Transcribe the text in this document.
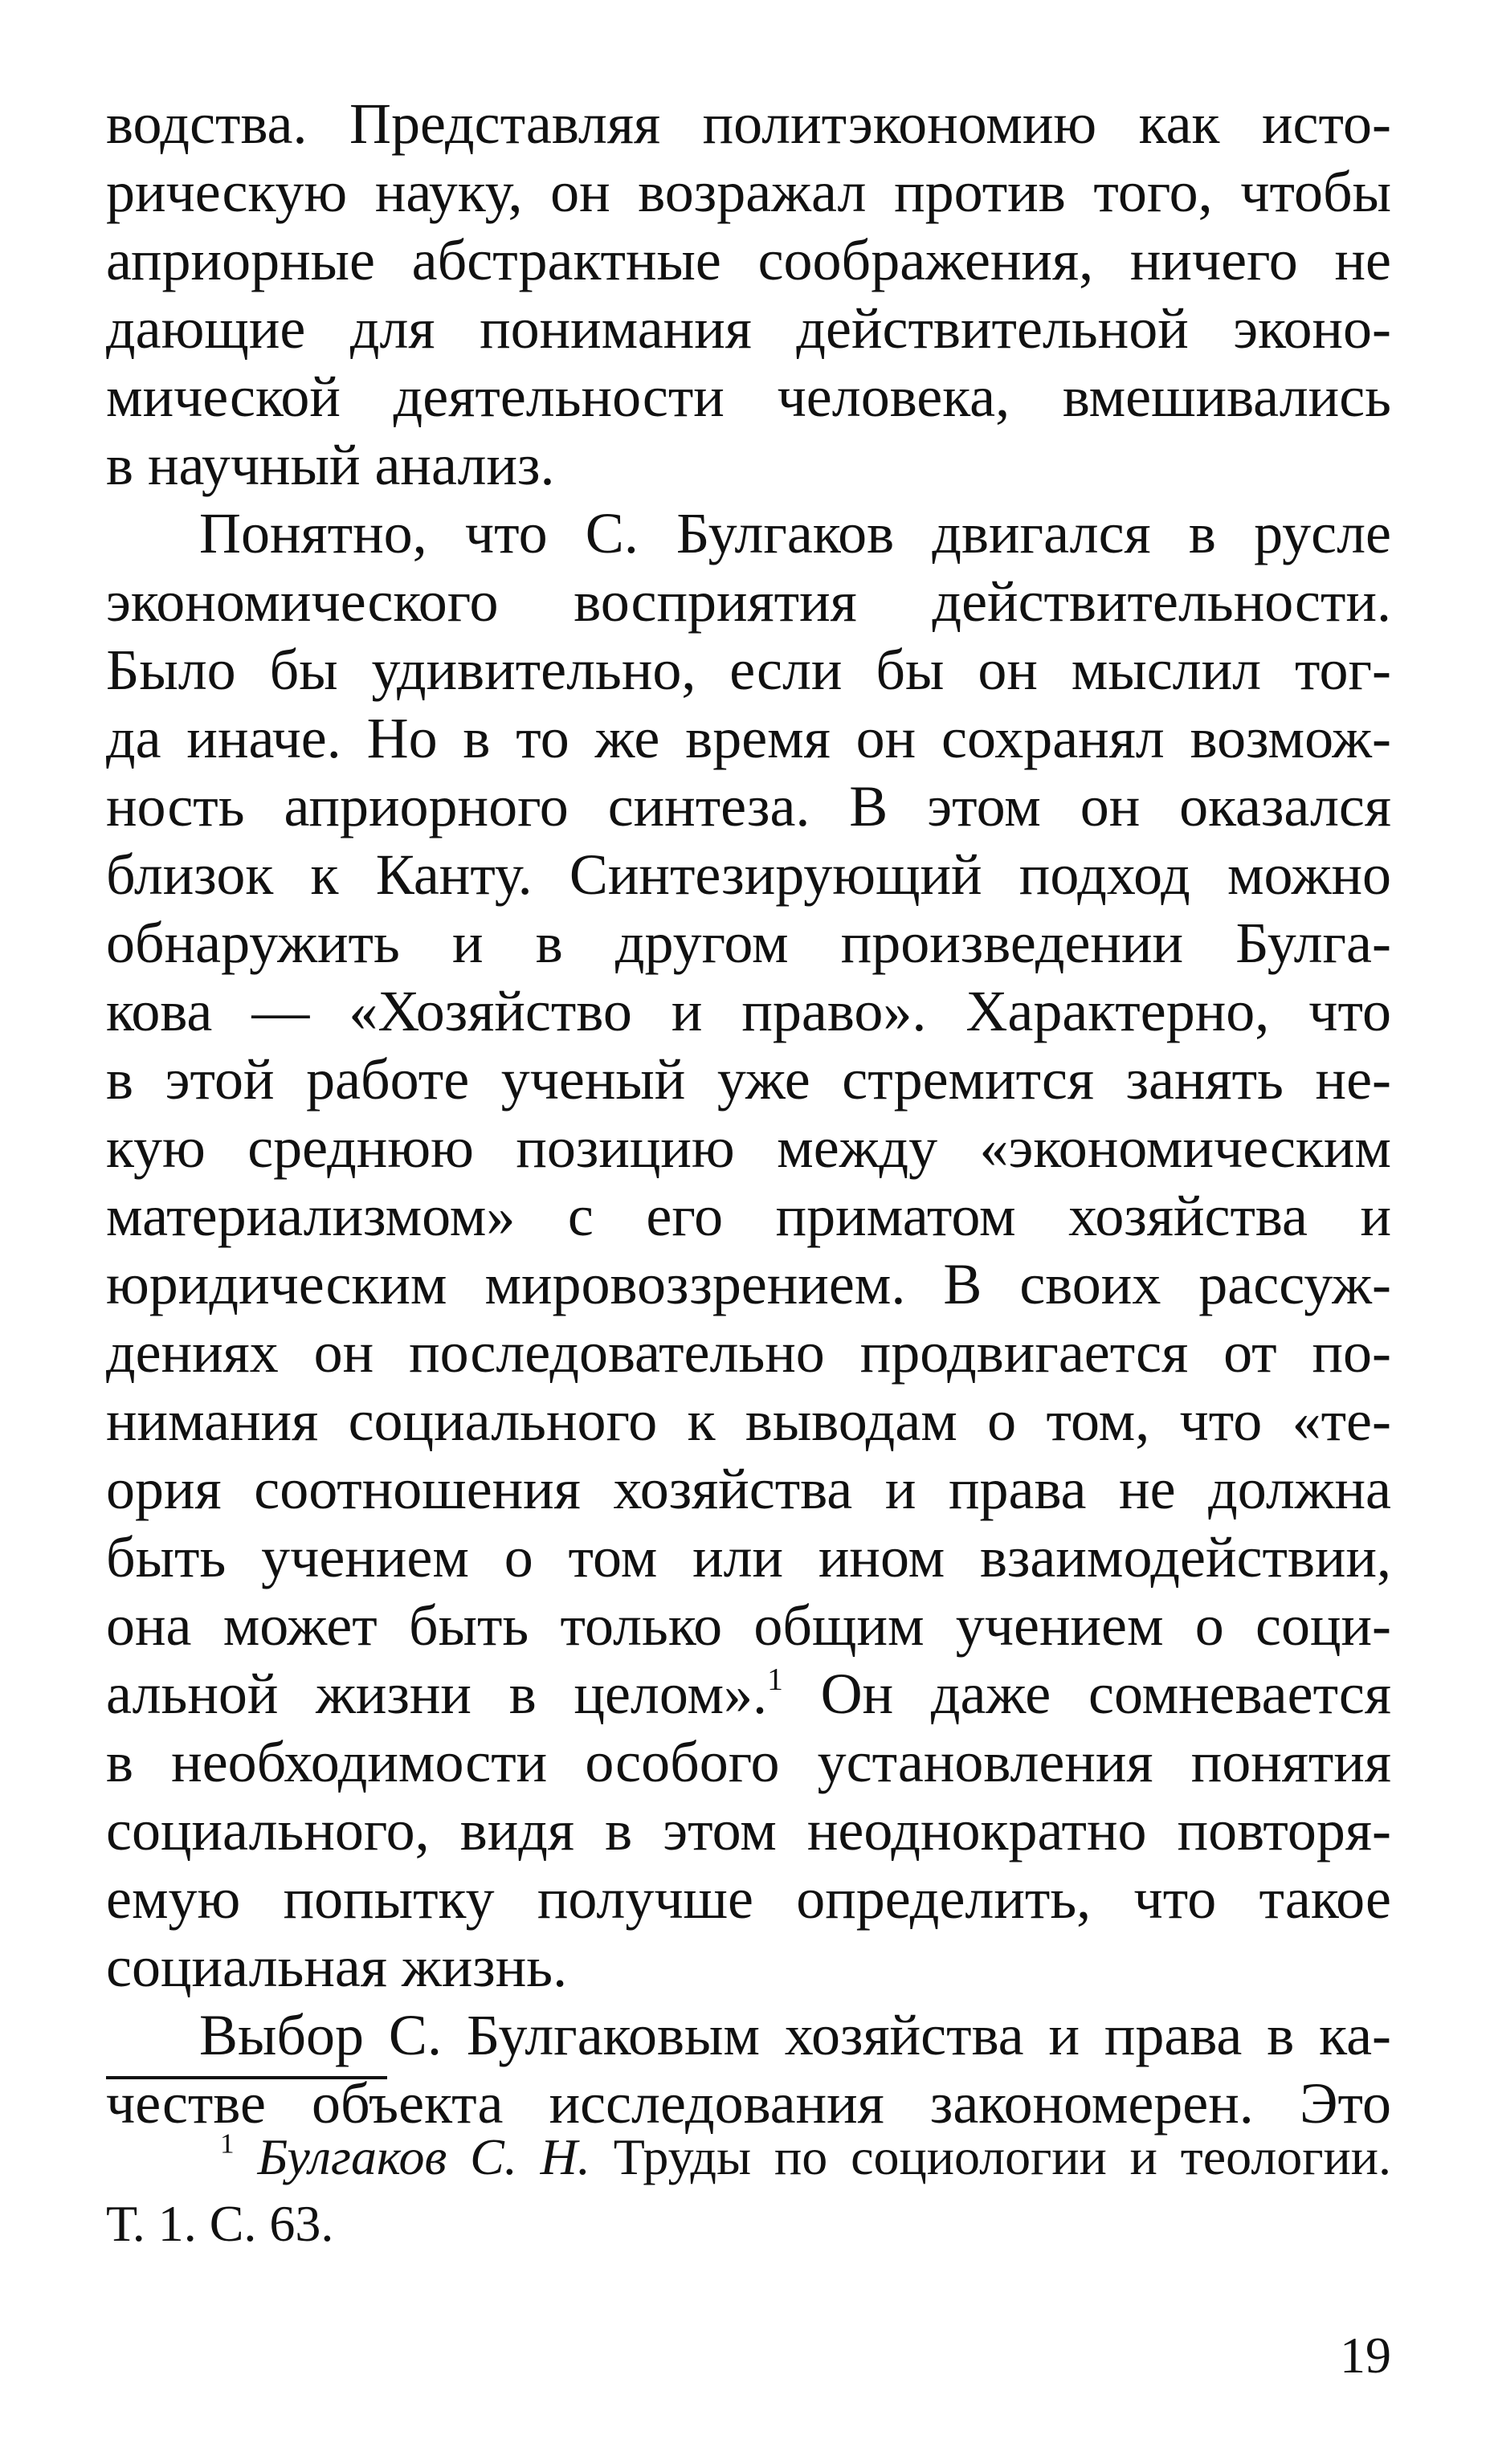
водства. Представляя политэкономию как исто-
рическую науку, он возражал против того, чтобы
априорные абстрактные соображения, ничего не
дающие для понимания действительной эконо-
мической деятельности человека, вмешивались
в научный анализ.
Понятно, что С. Булгаков двигался в русле
экономического восприятия действительности.
Было бы удивительно, если бы он мыслил тог-
да иначе. Но в то же время он сохранял возмож-
ность априорного синтеза. В этом он оказался
близок к Канту. Синтезирующий подход можно
обнаружить и в другом произведении Булга-
кова — «Хозяйство и право». Характерно, что
в этой работе ученый уже стремится занять не-
кую среднюю позицию между «экономическим
материализмом» с его приматом хозяйства и
юридическим мировоззрением. В своих рассуж-
дениях он последовательно продвигается от по-
нимания социального к выводам о том, что «те-
ория соотношения хозяйства и права не должна
быть учением о том или ином взаимодействии,
она может быть только общим учением о соци-
альной жизни в целом».$^1$ Он даже сомневается
в необходимости особого установления понятия
социального, видя в этом неоднократно повторя-
емую попытку получше определить, что такое
социальная жизнь.
Выбор С. Булгаковым хозяйства и права в ка-
честве объекта исследования закономерен. Это
$^1$ Булгаков С. Н. Труды по социологии и теологии.
Т. 1. С. 63.
19
